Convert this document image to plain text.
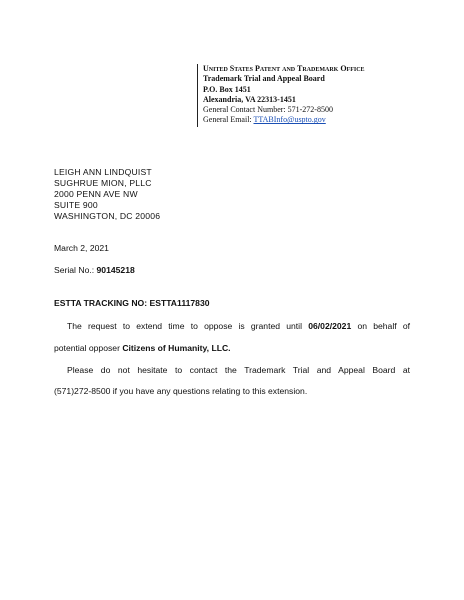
United States Patent and Trademark Office
Trademark Trial and Appeal Board
P.O. Box 1451
Alexandria, VA 22313-1451
General Contact Number: 571-272-8500
General Email: TTABInfo@uspto.gov
LEIGH ANN LINDQUIST
SUGHRUE MION, PLLC
2000 PENN AVE NW
SUITE 900
WASHINGTON, DC 20006
March 2, 2021
Serial No.: 90145218
ESTTA TRACKING NO: ESTTA1117830
The request to extend time to oppose is granted until 06/02/2021 on behalf of
potential opposer Citizens of Humanity, LLC.
Please do not hesitate to contact the Trademark Trial and Appeal Board at
(571)272-8500 if you have any questions relating to this extension.
